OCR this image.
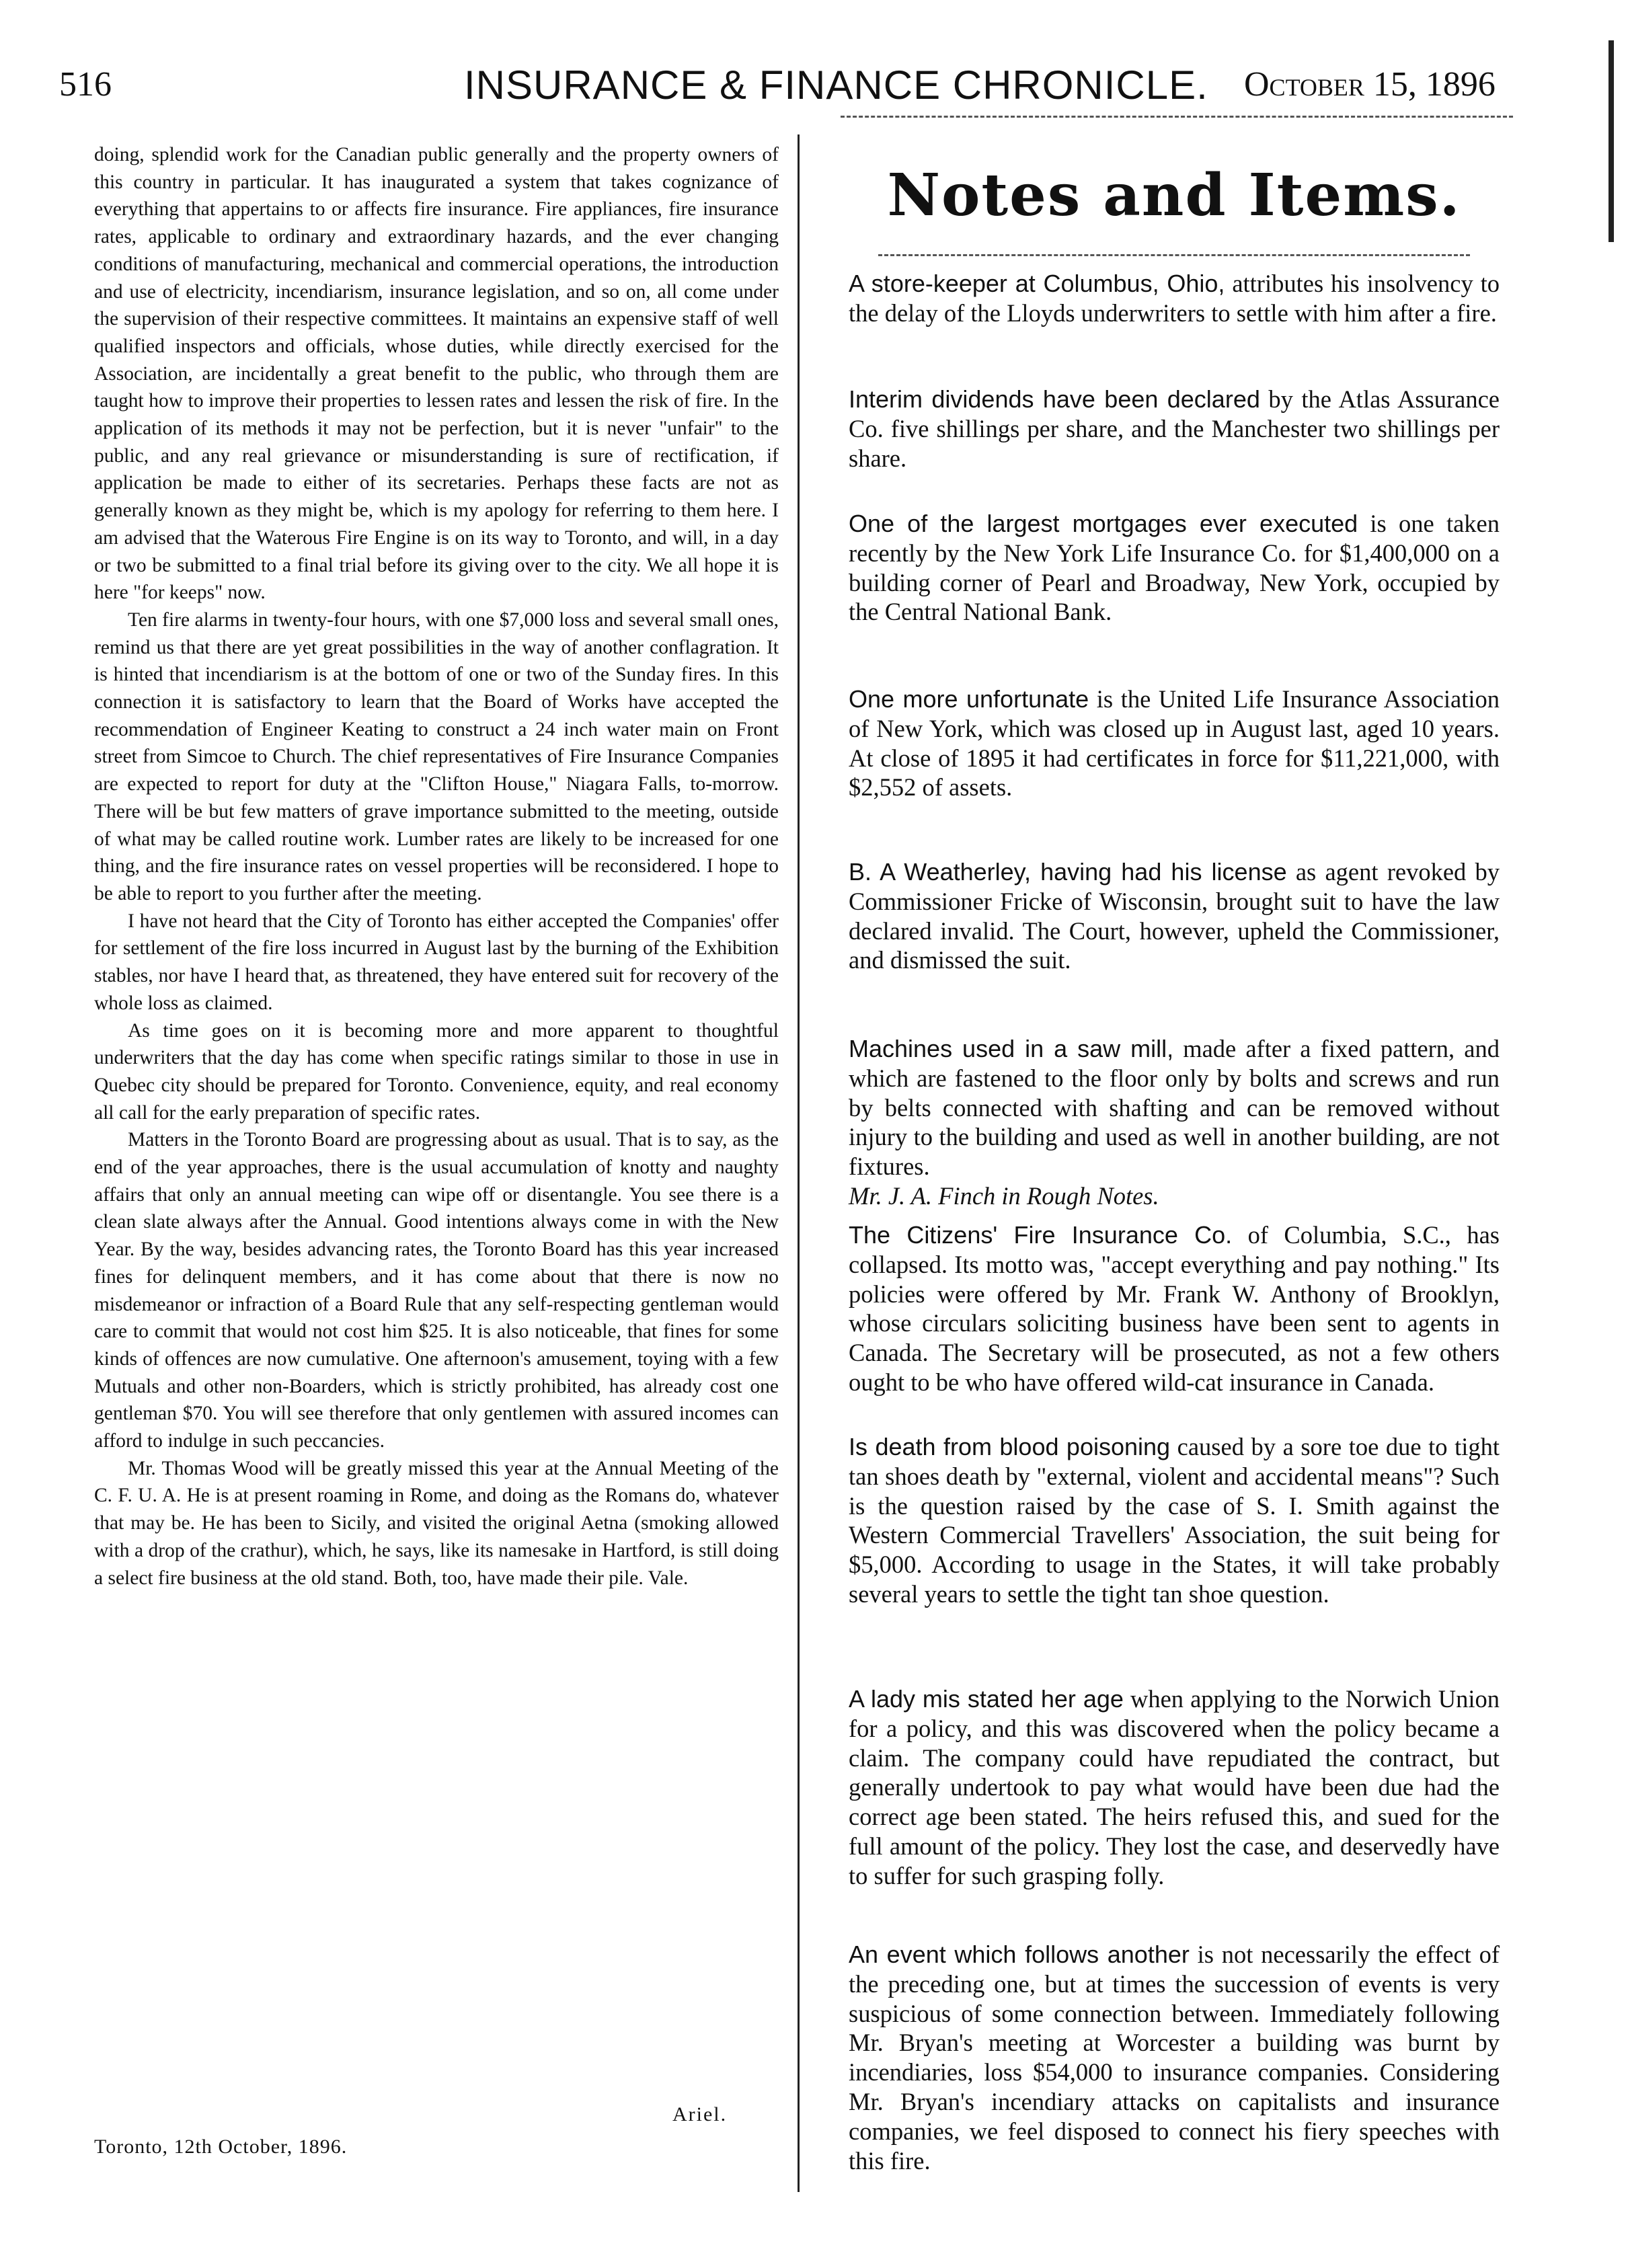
516	INSURANCE & FINANCE CHRONICLE. October 15, 1896

doing, splendid work for the Canadian public generally and the property owners of this country in particular. It has inaugurated a system that takes cognizance of everything that appertains to or affects fire insurance. Fire appliances, fire insurance rates, applicable to ordinary and extraordinary hazards, and the ever changing conditions of manufacturing, mechanical and commercial operations, the introduction and use of electricity, incendiarism, insurance legislation, and so on, all come under the supervision of their respective committees. It maintains an expensive staff of well qualified inspectors and officials, whose duties, while directly exercised for the Association, are incidentally a great benefit to the public, who through them are taught how to improve their properties to lessen rates and lessen the risk of fire. In the application of its methods it may not be perfection, but it is never "unfair" to the public, and any real grievance or misunderstanding is sure of rectification, if application be made to either of its secretaries. Perhaps these facts are not as generally known as they might be, which is my apology for referring to them here. I am advised that the Waterous Fire Engine is on its way to Toronto, and will, in a day or two be submitted to a final trial before its giving over to the city. We all hope it is here "for keeps" now.

Ten fire alarms in twenty-four hours, with one $7,000 loss and several small ones, remind us that there are yet great possibilities in the way of another conflagration. It is hinted that incendiarism is at the bottom of one or two of the Sunday fires. In this connection it is satisfactory to learn that the Board of Works have accepted the recommendation of Engineer Keating to construct a 24 inch water main on Front street from Simcoe to Church. The chief representatives of Fire Insurance Companies are expected to report for duty at the "Clifton House," Niagara Falls, to-morrow. There will be but few matters of grave importance submitted to the meeting, outside of what may be called routine work. Lumber rates are likely to be increased for one thing, and the fire insurance rates on vessel properties will be reconsidered. I hope to be able to report to you further after the meeting.

I have not heard that the City of Toronto has either accepted the Companies' offer for settlement of the fire loss incurred in August last by the burning of the Exhibition stables, nor have I heard that, as threatened, they have entered suit for recovery of the whole loss as claimed.

As time goes on it is becoming more and more apparent to thoughtful underwriters that the day has come when specific ratings similar to those in use in Quebec city should be prepared for Toronto. Convenience, equity, and real economy all call for the early preparation of specific rates.

Matters in the Toronto Board are progressing about as usual. That is to say, as the end of the year approaches, there is the usual accumulation of knotty and naughty affairs that only an annual meeting can wipe off or disentangle. You see there is a clean slate always after the Annual. Good intentions always come in with the New Year. By the way, besides advancing rates, the Toronto Board has this year increased fines for delinquent members, and it has come about that there is now no misdemeanor or infraction of a Board Rule that any self-respecting gentleman would care to commit that would not cost him $25. It is also noticeable, that fines for some kinds of offences are now cumulative. One afternoon's amusement, toying with a few Mutuals and other non-Boarders, which is strictly prohibited, has already cost one gentleman $70. You will see therefore that only gentlemen with assured incomes can afford to indulge in such peccancies.

Mr. Thomas Wood will be greatly missed this year at the Annual Meeting of the C. F. U. A. He is at present roaming in Rome, and doing as the Romans do, whatever that may be. He has been to Sicily, and visited the original Aetna (smoking allowed with a drop of the crathur), which, he says, like its namesake in Hartford, is still doing a select fire business at the old stand. Both, too, have made their pile. Vale.

Ariel.
Toronto, 12th October, 1896.
Notes and Items.

A store-keeper at Columbus, Ohio, attributes his insolvency to the delay of the Lloyds underwriters to settle with him after a fire.

Interim dividends have been declared by the Atlas Assurance Co. five shillings per share, and the Manchester two shillings per share.

One of the largest mortgages ever executed is one taken recently by the New York Life Insurance Co. for $1,400,000 on a building corner of Pearl and Broadway, New York, occupied by the Central National Bank.

One more unfortunate is the United Life Insurance Association of New York, which was closed up in August last, aged 10 years. At close of 1895 it had certificates in force for $11,221,000, with $2,552 of assets.

B. A Weatherley, having had his license as agent revoked by Commissioner Fricke of Wisconsin, brought suit to have the law declared invalid. The Court, however, upheld the Commissioner, and dismissed the suit.

Machines used in a saw mill, made after a fixed pattern, and which are fastened to the floor only by bolts and screws and run by belts connected with shafting and can be removed without injury to the building and used as well in another building, are not fixtures.
Mr. J. A. Finch in Rough Notes.

The Citizens' Fire Insurance Co. of Columbia, S.C., has collapsed. Its motto was, "accept everything and pay nothing." Its policies were offered by Mr. Frank W. Anthony of Brooklyn, whose circulars soliciting business have been sent to agents in Canada. The Secretary will be prosecuted, as not a few others ought to be who have offered wild-cat insurance in Canada.

Is death from blood poisoning caused by a sore toe due to tight tan shoes death by "external, violent and accidental means"? Such is the question raised by the case of S. I. Smith against the Western Commercial Travellers' Association, the suit being for $5,000. According to usage in the States, it will take probably several years to settle the tight tan shoe question.

A lady mis stated her age when applying to the Norwich Union for a policy, and this was discovered when the policy became a claim. The company could have repudiated the contract, but generally undertook to pay what would have been due had the correct age been stated. The heirs refused this, and sued for the full amount of the policy. They lost the case, and deservedly have to suffer for such grasping folly.

An event which follows another is not necessarily the effect of the preceding one, but at times the succession of events is very suspicious of some connection between. Immediately following Mr. Bryan's meeting at Worcester a building was burnt by incendiaries, loss $54,000 to insurance companies. Considering Mr. Bryan's incendiary attacks on capitalists and insurance companies, we feel disposed to connect his fiery speeches with this fire.
